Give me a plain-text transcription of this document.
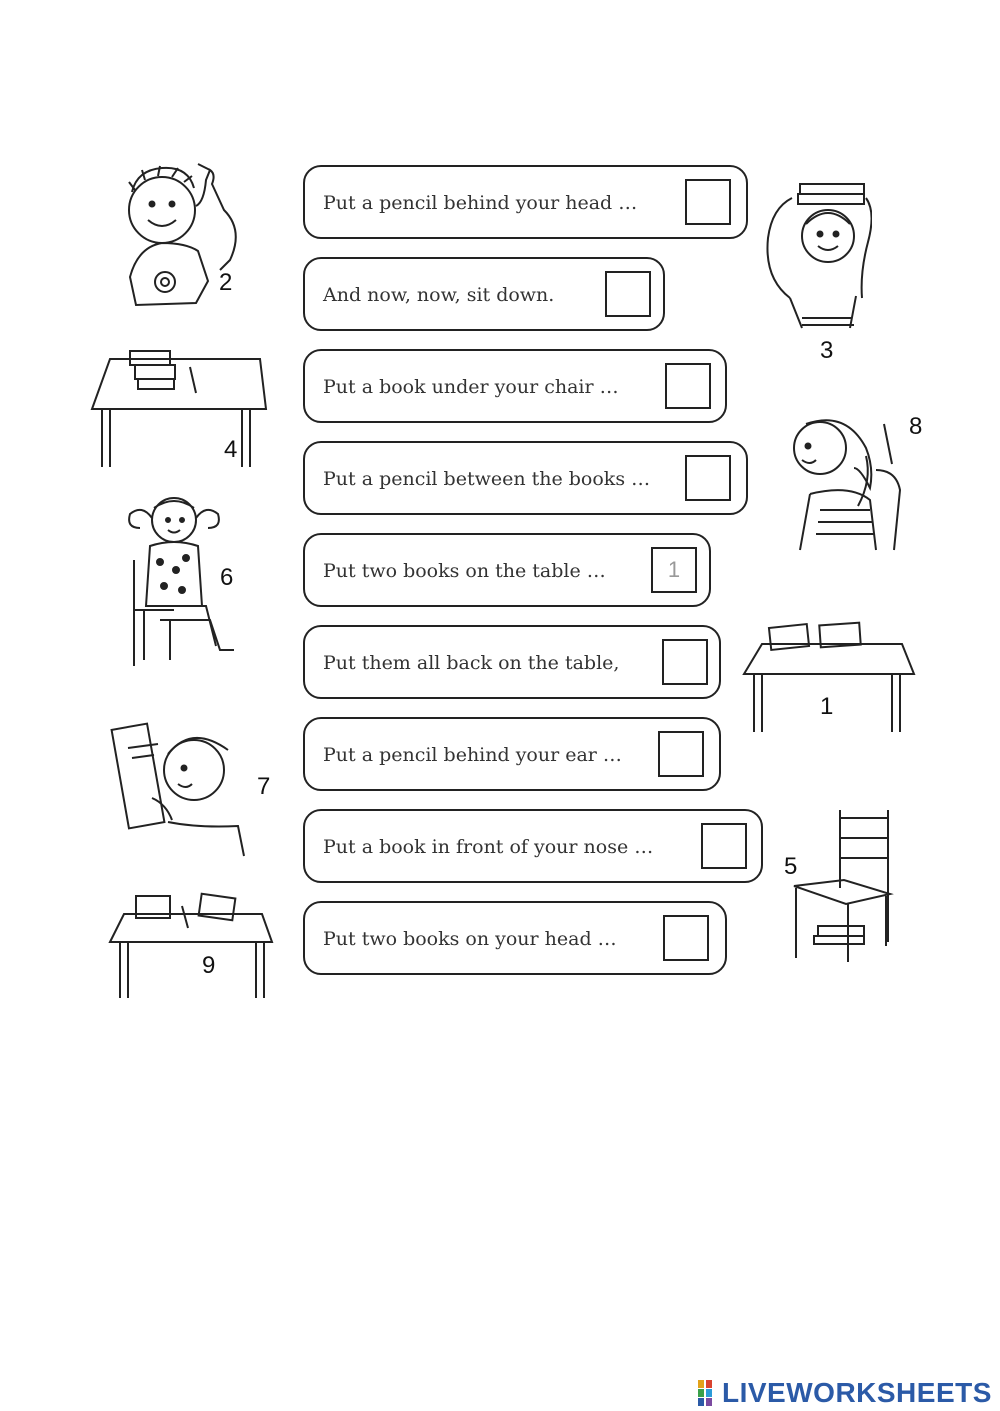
Put a pencil behind your head …
And now, now, sit down.
Put a book under your chair …
Put a pencil between the books …
Put two books on the table …	1
Put them all back on the table,
Put a pencil behind your ear …
Put a book in front of your nose …
Put two books on your head …
2
3
4
8
6
1
7
5
9
LIVEWORKSHEETS
